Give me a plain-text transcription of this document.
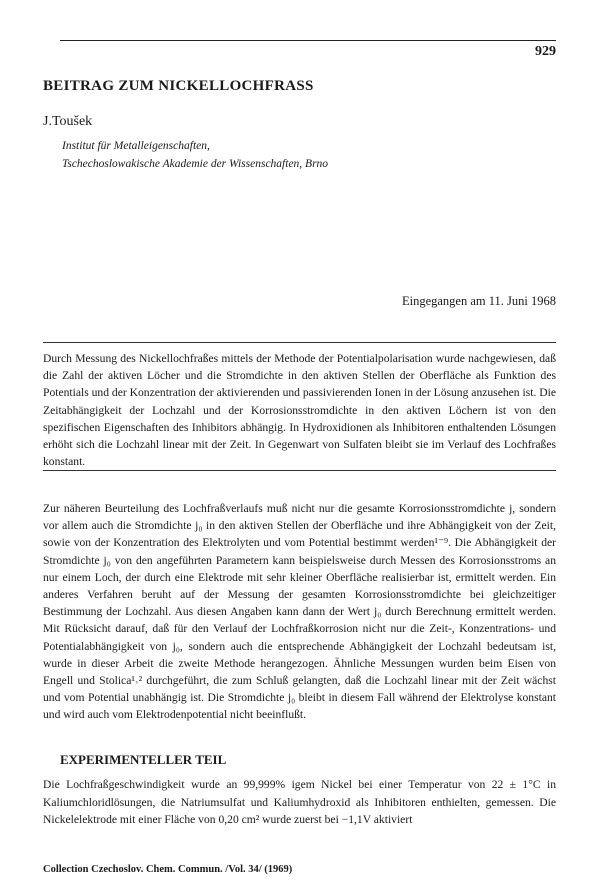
929
BEITRAG ZUM NICKELLOCHFRASS
J.Toušek
Institut für Metalleigenschaften,
Tschechoslowakische Akademie der Wissenschaften, Brno
Eingegangen am 11. Juni 1968

Durch Messung des Nickellochfraßes mittels der Methode der Potentialpolarisation wurde nachgewiesen, daß die Zahl der aktiven Löcher und die Stromdichte in den aktiven Stellen der Oberfläche als Funktion des Potentials und der Konzentration der aktivierenden und passivierenden Ionen in der Lösung anzusehen ist. Die Zeitabhängigkeit der Lochzahl und der Korrosionsstromdichte in den aktiven Löchern ist von den spezifischen Eigenschaften des Inhibitors abhängig. In Hydroxidionen als Inhibitoren enthaltenden Lösungen erhöht sich die Lochzahl linear mit der Zeit. In Gegenwart von Sulfaten bleibt sie im Verlauf des Lochfraßes konstant.

Zur näheren Beurteilung des Lochfraßverlaufs muß nicht nur die gesamte Korrosionsstromdichte j, sondern vor allem auch die Stromdichte j₀ in den aktiven Stellen der Oberfläche und ihre Abhängigkeit von der Zeit, sowie von der Konzentration des Elektrolyten und vom Potential bestimmt werden¹⁻⁹. Die Abhängigkeit der Stromdichte j₀ von den angeführten Parametern kann beispielsweise durch Messen des Korrosionsstroms an nur einem Loch, der durch eine Elektrode mit sehr kleiner Oberfläche realisierbar ist, ermittelt werden. Ein anderes Verfahren beruht auf der Messung der gesamten Korrosionsstromdichte bei gleichzeitiger Bestimmung der Lochzahl. Aus diesen Angaben kann dann der Wert j₀ durch Berechnung ermittelt werden. Mit Rücksicht darauf, daß für den Verlauf der Lochfraßkorrosion nicht nur die Zeit-, Konzentrations- und Potentialabhängigkeit von j₀, sondern auch die entsprechende Abhängigkeit der Lochzahl bedeutsam ist, wurde in dieser Arbeit die zweite Methode herangezogen. Ähnliche Messungen wurden beim Eisen von Engell und Stolica¹˒² durchgeführt, die zum Schluß gelangten, daß die Lochzahl linear mit der Zeit wächst und vom Potential unabhängig ist. Die Stromdichte j₀ bleibt in diesem Fall während der Elektrolyse konstant und wird auch vom Elektrodenpotential nicht beeinflußt.

EXPERIMENTELLER TEIL

Die Lochfraßgeschwindigkeit wurde an 99,999% igem Nickel bei einer Temperatur von 22 ± 1°C in Kaliumchloridlösungen, die Natriumsulfat und Kaliumhydroxid als Inhibitoren enthielten, gemessen. Die Nickelelektrode mit einer Fläche von 0,20 cm² wurde zuerst bei −1,1V aktiviert

Collection Czechoslov. Chem. Commun. /Vol. 34/ (1969)
